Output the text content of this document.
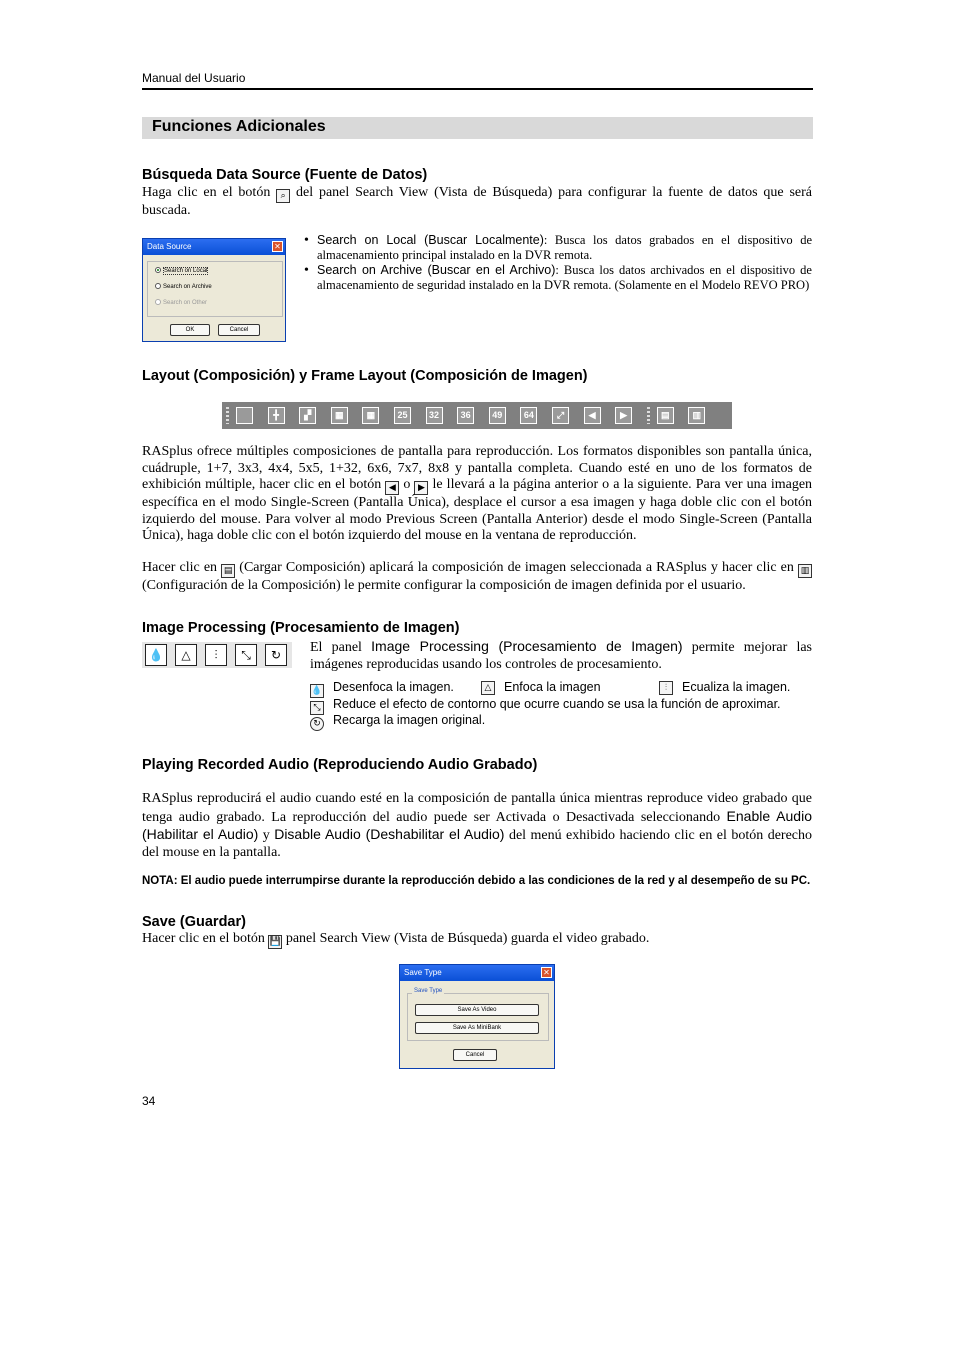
Manual del Usuario
Funciones Adicionales
Búsqueda Data Source (Fuente de Datos)
Haga clic en el botón ⌕ del panel Search View (Vista de Búsqueda) para configurar la fuente de datos que será buscada.
Data Source	✕
Search on Local
Search on Archive
Search on Other
OK	Cancel
• Search on Local (Buscar Localmente): Busca los datos grabados en el dispositivo de almacenamiento principal instalado en la DVR remota.
• Search on Archive (Buscar en el Archivo): Busca los datos archivados en el dispositivo de almacenamiento de seguridad instalado en la DVR remota. (Solamente en el Modelo REVO PRO)
Layout (Composición) y Frame Layout (Composición de Imagen)
╋	▞	▦	▦	25	32	36	49	64	⤢	◀	▶	▤	▥
RASplus ofrece múltiples composiciones de pantalla para reproducción. Los formatos disponibles son pantalla única, cuádruple, 1+7, 3x3, 4x4, 5x5, 1+32, 6x6, 7x7, 8x8 y pantalla completa. Cuando esté en uno de los formatos de exhibición múltiple, hacer clic en el botón ◀ o ▶ le llevará a la página anterior o a la siguiente. Para ver una imagen específica en el modo Single-Screen (Pantalla Única), desplace el cursor a esa imagen y haga doble clic con el botón izquierdo del mouse. Para volver al modo Previous Screen (Pantalla Anterior) desde el modo Single-Screen (Pantalla Única), haga doble clic con el botón izquierdo del mouse en la ventana de reproducción.
Hacer clic en ▤ (Cargar Composición) aplicará la composición de imagen seleccionada a RASplus y hacer clic en ▥ (Configuración de la Composición) le permite configurar la composición de imagen definida por el usuario.
Image Processing (Procesamiento de Imagen)
💧	△	⫶	⤡	↻	El panel Image Processing (Procesamiento de Imagen) permite mejorar las imágenes reproducidas usando los controles de procesamiento.
💧 Desenfoca la imagen.	△ Enfoca la imagen	⫶	Ecualiza la imagen.
⤡ Reduce el efecto de contorno que ocurre cuando se usa la función de aproximar.
↻ Recarga la imagen original.
Playing Recorded Audio (Reproduciendo Audio Grabado)
RASplus reproducirá el audio cuando esté en la composición de pantalla única mientras reproduce video grabado que tenga audio grabado. La reproducción del audio puede ser Activada o Desactivada seleccionando Enable Audio (Habilitar el Audio) y Disable Audio (Deshabilitar el Audio) del menú exhibido haciendo clic en el botón derecho del mouse en la pantalla.
NOTA: El audio puede interrumpirse durante la reproducción debido a las condiciones de la red y al desempeño de su PC.
Save (Guardar)
Hacer clic en el botón 💾 panel Search View (Vista de Búsqueda) guarda el video grabado.
Save Type	✕
Save Type
Save As Video
Save As MiniBank
Cancel
34
